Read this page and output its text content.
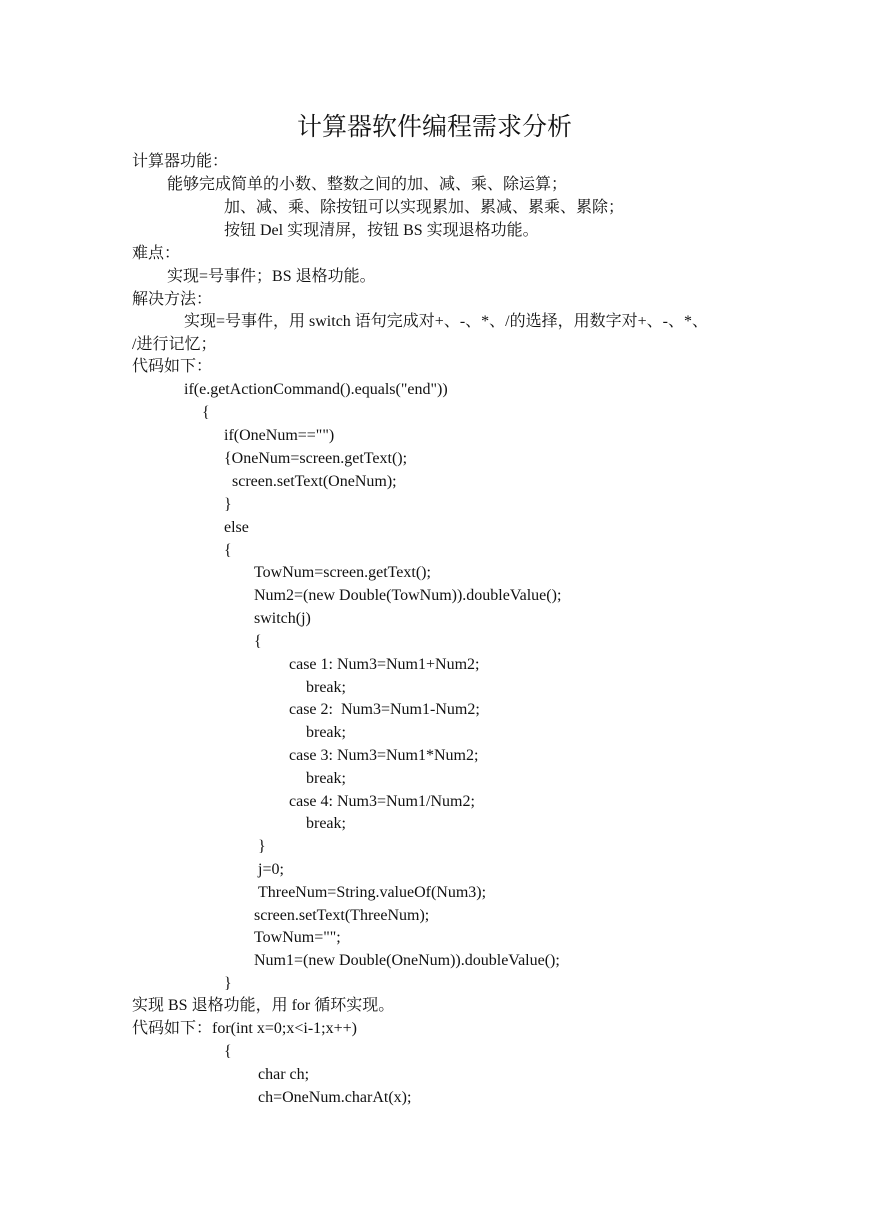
计算器软件编程需求分析
计算器功能：
能够完成简单的小数、整数之间的加、减、乘、除运算；
加、减、乘、除按钮可以实现累加、累减、累乘、累除；
按钮 Del 实现清屏，按钮 BS 实现退格功能。
难点：
实现=号事件；BS 退格功能。
解决方法：
实现=号事件，用 switch 语句完成对+、-、*、/的选择，用数字对+、-、*、
/进行记忆；
代码如下：
if(e.getActionCommand().equals("end"))
{
if(OneNum=="")
{OneNum=screen.getText();
screen.setText(OneNum);
}
else
{
TowNum=screen.getText();
Num2=(new Double(TowNum)).doubleValue();
switch(j)
{
case 1: Num3=Num1+Num2;
break;
case 2:  Num3=Num1-Num2;
break;
case 3: Num3=Num1*Num2;
break;
case 4: Num3=Num1/Num2;
break;
}
j=0;
ThreeNum=String.valueOf(Num3);
screen.setText(ThreeNum);
TowNum="";
Num1=(new Double(OneNum)).doubleValue();
}
实现 BS 退格功能，用 for 循环实现。
代码如下：for(int x=0;x<i-1;x++)
{
char ch;
ch=OneNum.charAt(x);
